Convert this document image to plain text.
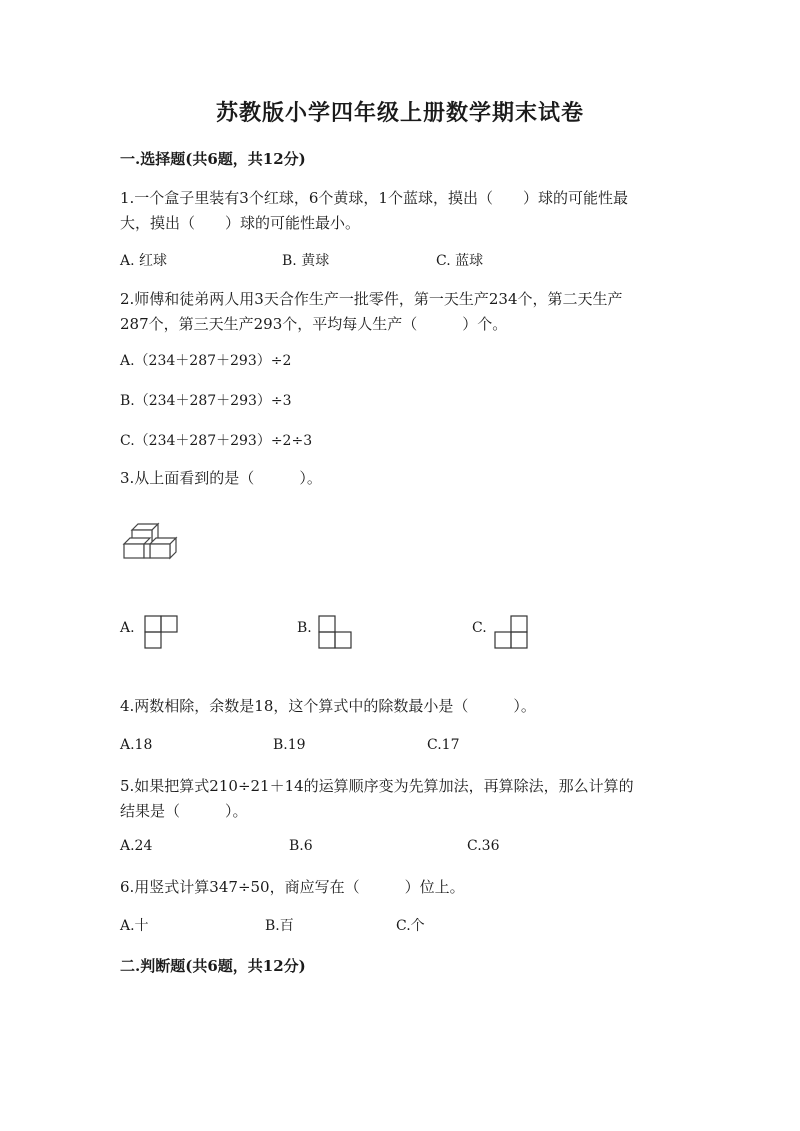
苏教版小学四年级上册数学期末试卷
一.选择题(共6题，共12分)
1.一个盒子里装有3个红球，6个黄球，1个蓝球，摸出（　　）球的可能性最
大，摸出（　　）球的可能性最小。
A. 红球	B. 黄球	C. 蓝球
2.师傅和徒弟两人用3天合作生产一批零件，第一天生产234个，第二天生产
287个，第三天生产293个，平均每人生产（　　　）个。
A.（234＋287＋293）÷2
B.（234＋287＋293）÷3
C.（234＋287＋293）÷2÷3
3.从上面看到的是（　　　）。
A.	B.	C.
4.两数相除，余数是18，这个算式中的除数最小是（　　　）。
A.18	B.19	C.17
5.如果把算式210÷21＋14的运算顺序变为先算加法，再算除法，那么计算的
结果是（　　　）。
A.24	B.6	C.36
6.用竖式计算347÷50，商应写在（　　　）位上。
A.十	B.百	C.个
二.判断题(共6题，共12分)
